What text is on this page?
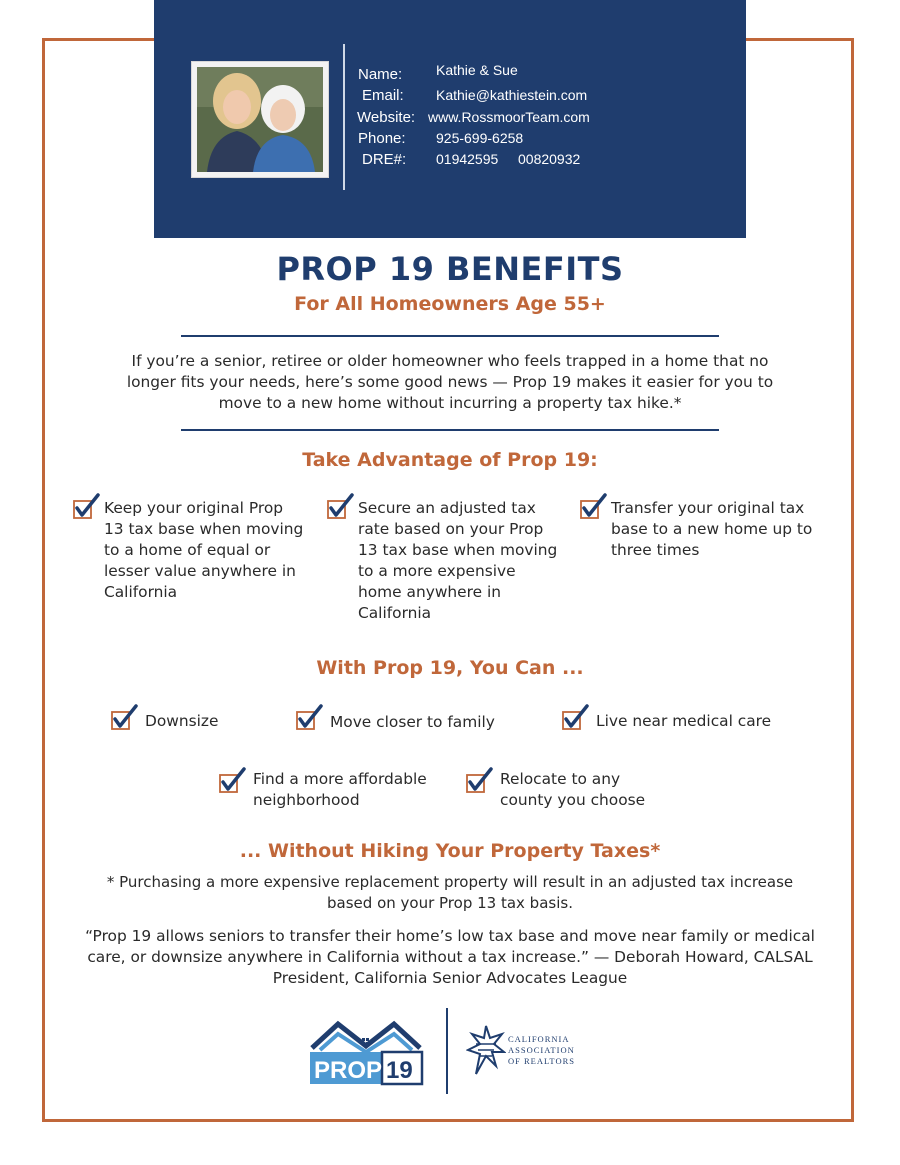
Name:
Email:
Website:
Phone:
DRE#:
Kathie & Sue
Kathie@kathiestein.com
www.RossmoorTeam.com
925-699-6258
01942595 00820932
PROP 19 BENEFITS
For All Homeowners Age 55+
If you’re a senior, retiree or older homeowner who feels trapped in a home that no longer fits your needs, here’s some good news — Prop 19 makes it easier for you to move to a new home without incurring a property tax hike.*
Take Advantage of Prop 19:
Keep your original Prop 13 tax base when moving to a home of equal or lesser value anywhere in California
Secure an adjusted tax rate based on your Prop 13 tax base when moving to a more expensive home anywhere in California
Transfer your original tax base to a new home up to three times
With Prop 19, You Can ...
Downsize	Move closer to family	Live near medical care
Find a more affordable neighborhood
Relocate to any county you choose
... Without Hiking Your Property Taxes*
* Purchasing a more expensive replacement property will result in an adjusted tax increase based on your Prop 13 tax basis.
“Prop 19 allows seniors to transfer their home’s low tax base and move near family or medical care, or downsize anywhere in California without a tax increase.” — Deborah Howard, CALSAL President, California Senior Advocates League
PROP 19
CALIFORNIA
ASSOCIATION
OF REALTORS
